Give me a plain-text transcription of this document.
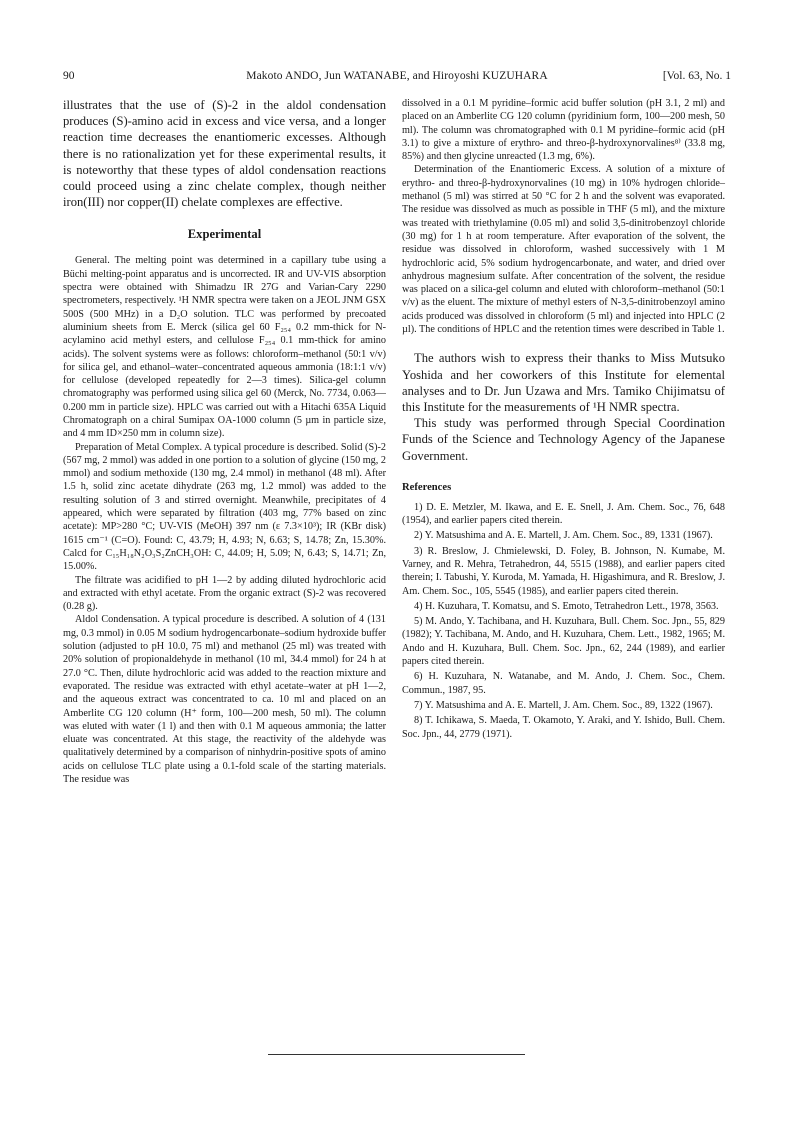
90	Makoto ANDO, Jun WATANABE, and Hiroyoshi KUZUHARA	[Vol. 63, No. 1

illustrates that the use of (S)-2 in the aldol condensation produces (S)-amino acid in excess and vice versa, and a longer reaction time decreases the enantiomeric excesses. Although there is no rationalization yet for these experimental results, it is noteworthy that these types of aldol condensation reactions could proceed using a zinc chelate complex, though neither iron(III) nor copper(II) chelate complexes are effective.

Experimental

General. The melting point was determined in a capillary tube using a Büchi melting-point apparatus and is uncorrected. IR and UV-VIS absorption spectra were obtained with Shimadzu IR 27G and Varian-Cary 2290 spectrometers, respectively. ¹H NMR spectra were taken on a JEOL JNM GSX 500S (500 MHz) in a D₂O solution. TLC was performed by precoated aluminium sheets from E. Merck (silica gel 60 F₂₅₄ 0.2 mm-thick for N-acylamino acid methyl esters, and cellulose F₂₅₄ 0.1 mm-thick for amino acids). The solvent systems were as follows: chloroform–methanol (50:1 v/v) for silica gel, and ethanol–water–concentrated aqueous ammonia (18:1:1 v/v) for cellulose (developed repeatedly for 2—3 times). Silica-gel column chromatography was performed using silica gel 60 (Merck, No. 7734, 0.063—0.200 mm in particle size). HPLC was carried out with a Hitachi 635A Liquid Chromatograph on a chiral Sumipax OA-1000 column (5 µm in particle size, and 4 mm ID×250 mm in column size).

Preparation of Metal Complex. A typical procedure is described. Solid (S)-2 (567 mg, 2 mmol) was added in one portion to a solution of glycine (150 mg, 2 mmol) and sodium methoxide (130 mg, 2.4 mmol) in methanol (48 ml). After 1.5 h, solid zinc acetate dihydrate (263 mg, 1.2 mmol) was added to the resulting solution of 3 and stirred overnight. Meanwhile, precipitates of 4 appeared, which were separated by filtration (403 mg, 77% based on zinc acetate): MP>280 °C; UV-VIS (MeOH) 397 nm (ε 7.3×10³); IR (KBr disk) 1615 cm⁻¹ (C=O). Found: C, 43.79; H, 4.93; N, 6.63; S, 14.78; Zn, 15.30%. Calcd for C₁₅H₁₈N₂O₃S₂ZnCH₃OH: C, 44.09; H, 5.09; N, 6.43; S, 14.71; Zn, 15.00%.

The filtrate was acidified to pH 1—2 by adding diluted hydrochloric acid and extracted with ethyl acetate. From the organic extract (S)-2 was recovered (0.28 g).

Aldol Condensation. A typical procedure is described. A solution of 4 (131 mg, 0.3 mmol) in 0.05 M sodium hydrogencarbonate–sodium hydroxide buffer solution (adjusted to pH 10.0, 75 ml) and methanol (25 ml) was treated with 20% solution of propionaldehyde in methanol (10 ml, 34.4 mmol) for 24 h at 27.0 °C. Then, dilute hydrochloric acid was added to the reaction mixture and evaporated. The residue was extracted with ethyl acetate–water at pH 1—2, and the aqueous extract was concentrated to ca. 10 ml and placed on an Amberlite CG 120 column (H⁺ form, 100—200 mesh, 50 ml). The column was eluted with water (1 l) and then with 0.1 M aqueous ammonia; the latter eluate was concentrated. At this stage, the reactivity of the aldehyde was qualitatively determined by a comparison of ninhydrin-positive spots of amino acids on cellulose TLC plate using a 0.1-fold scale of the starting materials. The residue was

dissolved in a 0.1 M pyridine–formic acid buffer solution (pH 3.1, 2 ml) and placed on an Amberlite CG 120 column (pyridinium form, 100—200 mesh, 50 ml). The column was chromatographed with 0.1 M pyridine–formic acid (pH 3.1) to give a mixture of erythro- and threo-β-hydroxynorvalines⁸⁾ (33.8 mg, 85%) and then glycine unreacted (1.3 mg, 6%).

Determination of the Enantiomeric Excess. A solution of a mixture of erythro- and threo-β-hydroxynorvalines (10 mg) in 10% hydrogen chloride–methanol (5 ml) was stirred at 50 °C for 2 h and the solvent was evaporated. The residue was dissolved as much as possible in THF (5 ml), and the mixture was treated with triethylamine (0.05 ml) and solid 3,5-dinitrobenzoyl chloride (30 mg) for 1 h at room temperature. After evaporation of the solvent, the residue was dissolved in chloroform, washed successively with 1 M hydrochloric acid, 5% sodium hydrogencarbonate, and water, and dried over anhydrous magnesium sulfate. After concentration of the solvent, the residue was placed on a silica-gel column and eluted with chloroform–methanol (50:1 v/v) as the eluent. The mixture of methyl esters of N-3,5-dinitrobenzoyl amino acids produced was dissolved in chloroform (5 ml) and injected into HPLC (2 µl). The conditions of HPLC and the retention times were described in Table 1.

The authors wish to express their thanks to Miss Mutsuko Yoshida and her coworkers of this Institute for elemental analyses and to Dr. Jun Uzawa and Mrs. Tamiko Chijimatsu of this Institute for the measurements of ¹H NMR spectra.

This study was performed through Special Coordination Funds of the Science and Technology Agency of the Japanese Government.

References

1) D. E. Metzler, M. Ikawa, and E. E. Snell, J. Am. Chem. Soc., 76, 648 (1954), and earlier papers cited therein.

2) Y. Matsushima and A. E. Martell, J. Am. Chem. Soc., 89, 1331 (1967).

3) R. Breslow, J. Chmielewski, D. Foley, B. Johnson, N. Kumabe, M. Varney, and R. Mehra, Tetrahedron, 44, 5515 (1988), and earlier papers cited therein; I. Tabushi, Y. Kuroda, M. Yamada, H. Higashimura, and R. Breslow, J. Am. Chem. Soc., 105, 5545 (1985), and earlier papers cited therein.

4) H. Kuzuhara, T. Komatsu, and S. Emoto, Tetrahedron Lett., 1978, 3563.

5) M. Ando, Y. Tachibana, and H. Kuzuhara, Bull. Chem. Soc. Jpn., 55, 829 (1982); Y. Tachibana, M. Ando, and H. Kuzuhara, Chem. Lett., 1982, 1965; M. Ando and H. Kuzuhara, Bull. Chem. Soc. Jpn., 62, 244 (1989), and earlier papers cited therein.

6) H. Kuzuhara, N. Watanabe, and M. Ando, J. Chem. Soc., Chem. Commun., 1987, 95.

7) Y. Matsushima and A. E. Martell, J. Am. Chem. Soc., 89, 1322 (1967).

8) T. Ichikawa, S. Maeda, T. Okamoto, Y. Araki, and Y. Ishido, Bull. Chem. Soc. Jpn., 44, 2779 (1971).
